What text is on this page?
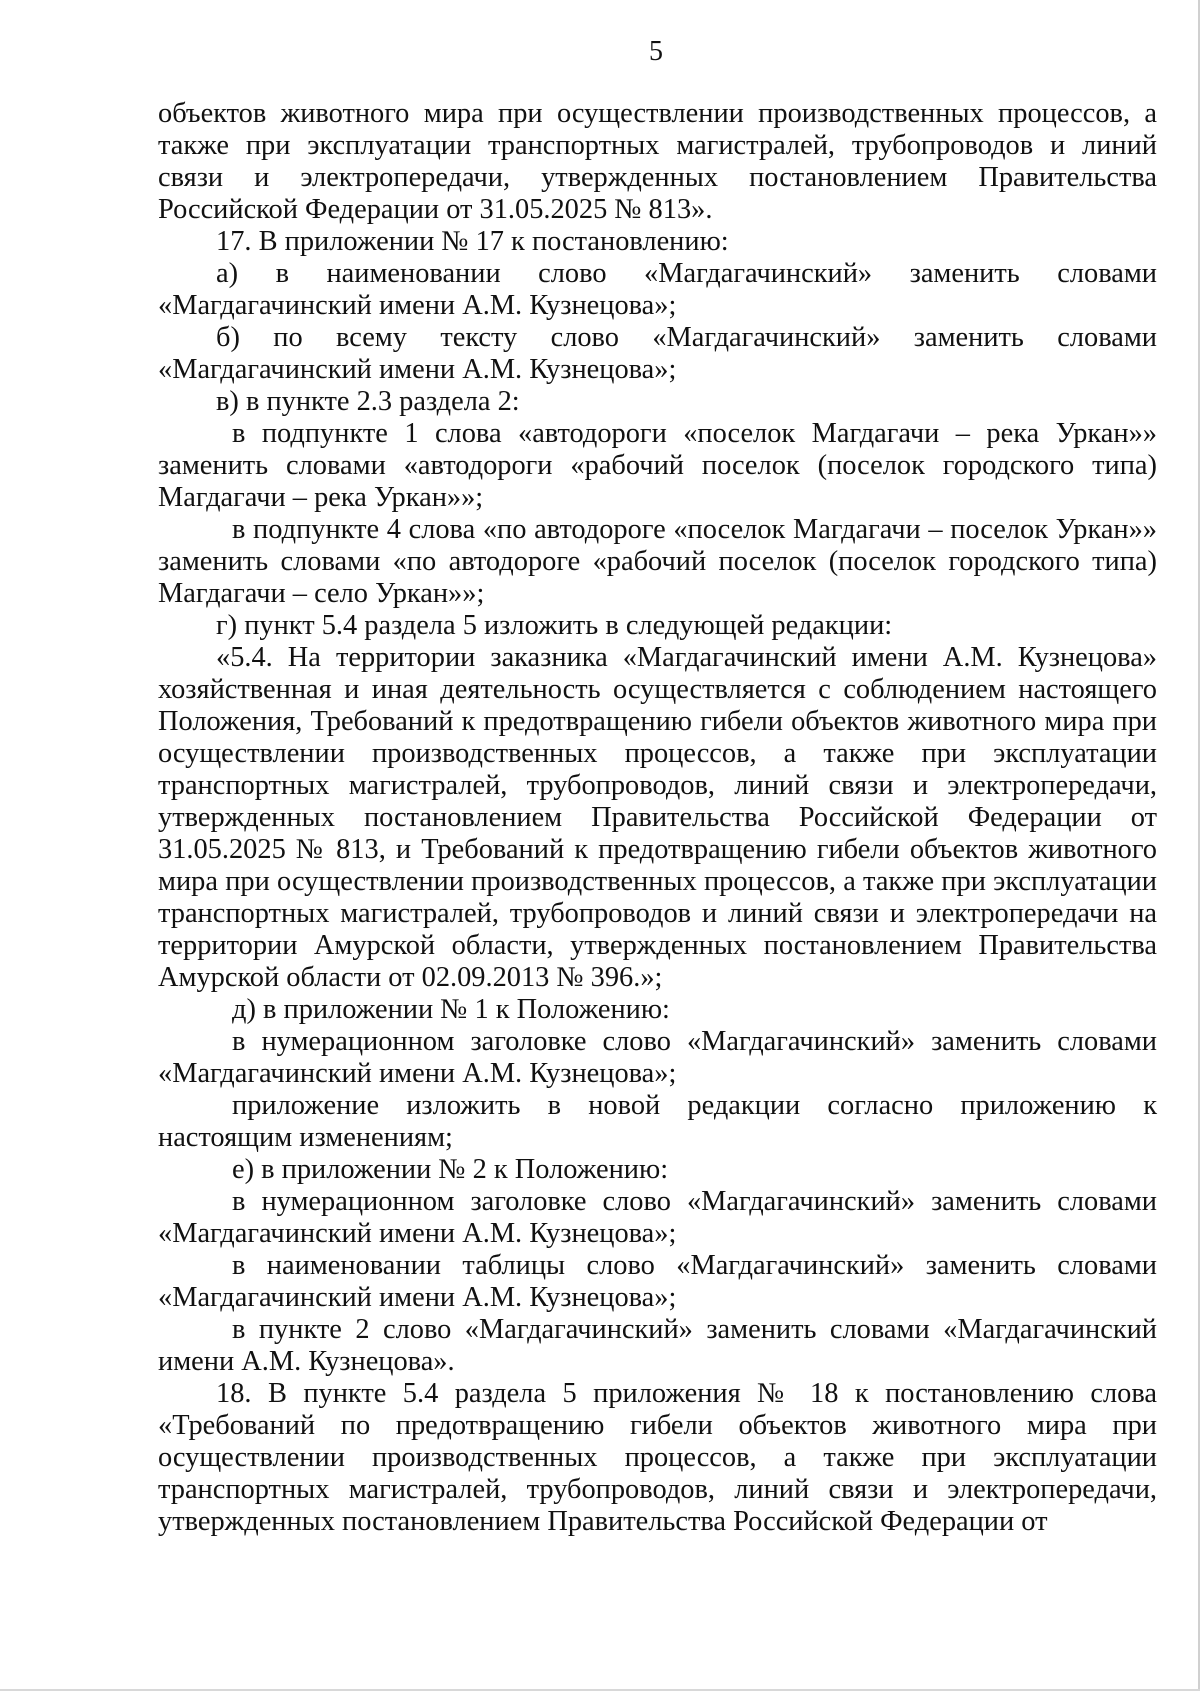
5

объектов животного мира при осуществлении производственных процессов, а также при эксплуатации транспортных магистралей, трубопроводов и линий связи и электропередачи, утвержденных постановлением Правительства Российской Федерации от 31.05.2025 № 813».

17. В приложении № 17 к постановлению:

а) в наименовании слово «Магдагачинский» заменить словами «Магдагачинский имени А.М. Кузнецова»;

б) по всему тексту слово «Магдагачинский» заменить словами «Магдагачинский имени А.М. Кузнецова»;

в) в пункте 2.3 раздела 2:

в подпункте 1 слова «автодороги «поселок Магдагачи – река Уркан»» заменить словами «автодороги «рабочий поселок (поселок городского типа) Магдагачи – река Уркан»»;

в подпункте 4 слова «по автодороге «поселок Магдагачи – поселок Уркан»» заменить словами «по автодороге «рабочий поселок (поселок городского типа) Магдагачи – село Уркан»»;

г) пункт 5.4 раздела 5 изложить в следующей редакции:

«5.4. На территории заказника «Магдагачинский имени А.М. Кузнецова» хозяйственная и иная деятельность осуществляется с соблюдением настоящего Положения, Требований к предотвращению гибели объектов животного мира при осуществлении производственных процессов, а также при эксплуатации транспортных магистралей, трубопроводов, линий связи и электропередачи, утвержденных постановлением Правительства Российской Федерации от 31.05.2025 № 813, и Требований к предотвращению гибели объектов животного мира при осуществлении производственных процессов, а также при эксплуатации транспортных магистралей, трубопроводов и линий связи и электропередачи на территории Амурской области, утвержденных постановлением Правительства Амурской области от 02.09.2013 № 396.»;

д) в приложении № 1 к Положению:

в нумерационном заголовке слово «Магдагачинский» заменить словами «Магдагачинский имени А.М. Кузнецова»;

приложение изложить в новой редакции согласно приложению к настоящим изменениям;

е) в приложении № 2 к Положению:

в нумерационном заголовке слово «Магдагачинский» заменить словами «Магдагачинский имени А.М. Кузнецова»;

в наименовании таблицы слово «Магдагачинский» заменить словами «Магдагачинский имени А.М. Кузнецова»;

в пункте 2 слово «Магдагачинский» заменить словами «Магдагачинский имени А.М. Кузнецова».

18. В пункте 5.4 раздела 5 приложения № 18 к постановлению слова «Требований по предотвращению гибели объектов животного мира при осуществлении производственных процессов, а также при эксплуатации транспортных магистралей, трубопроводов, линий связи и электропередачи, утвержденных постановлением Правительства Российской Федерации от
